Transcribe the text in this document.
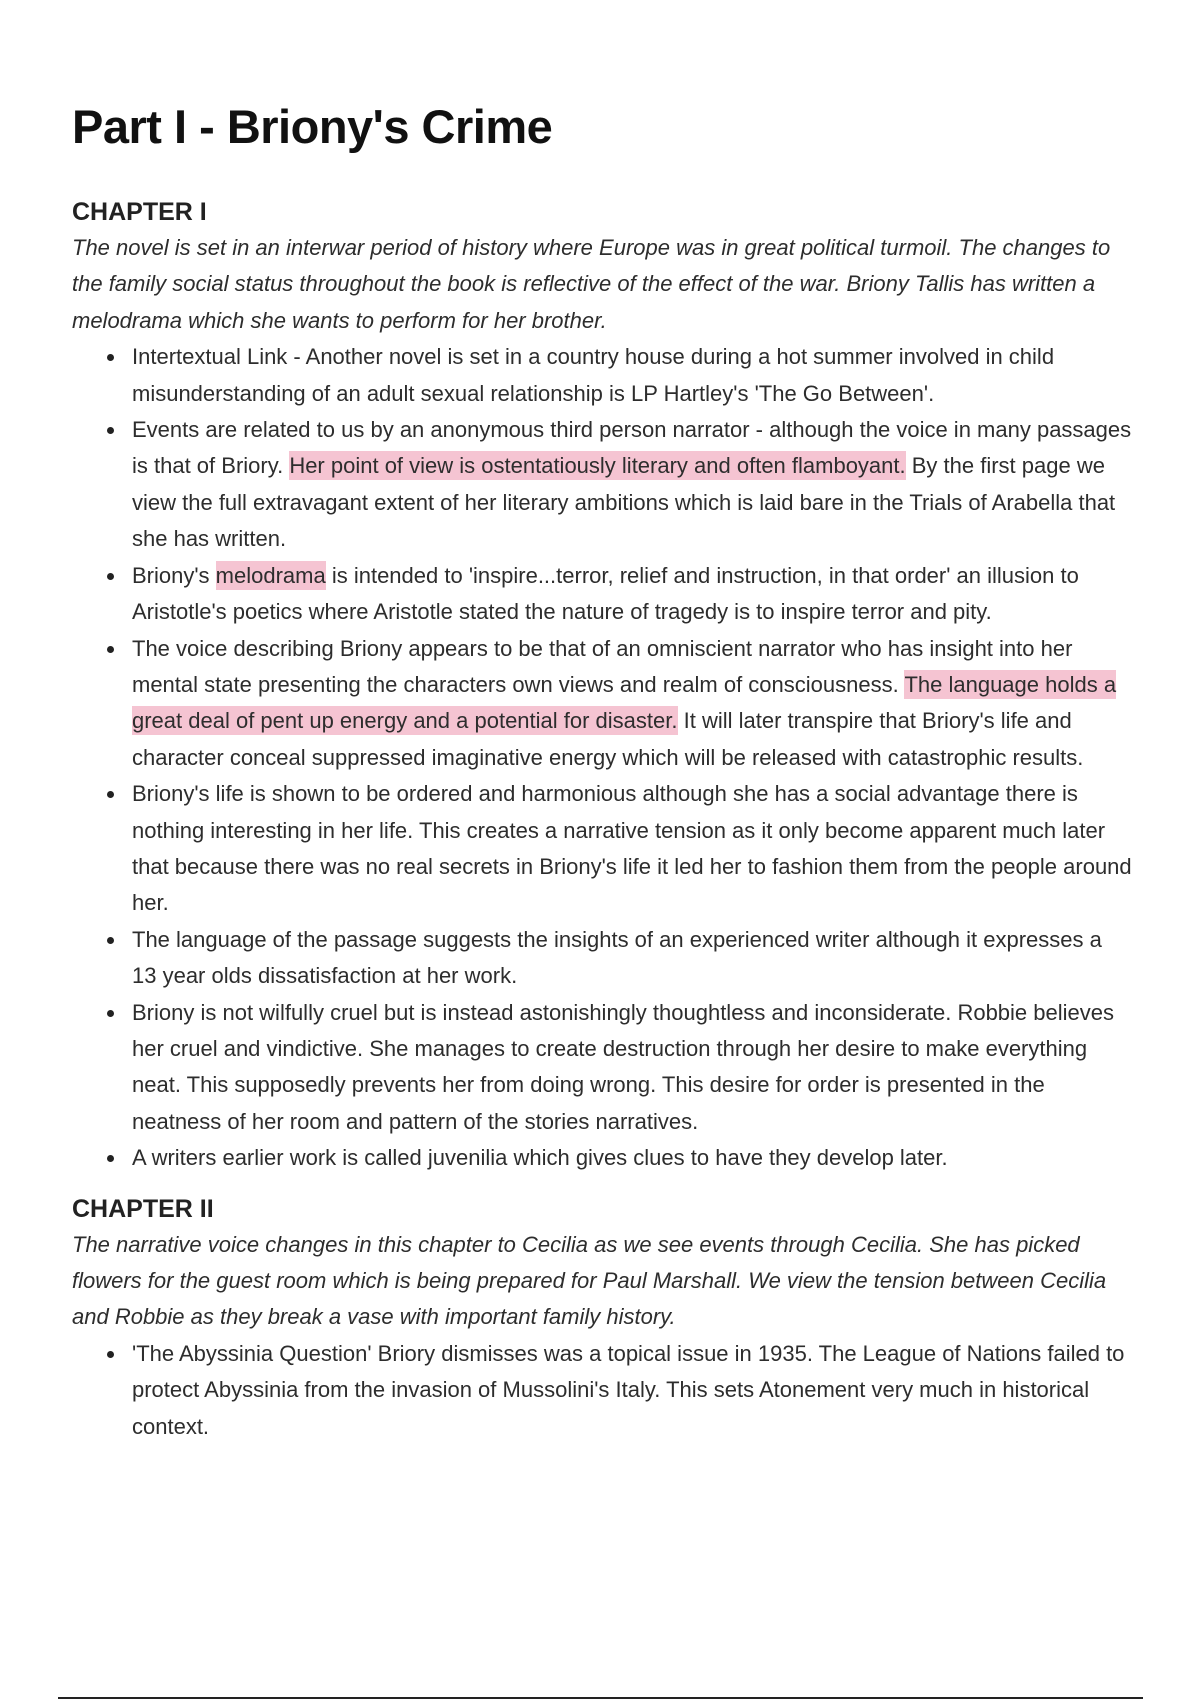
Part I - Briony's Crime
CHAPTER I

The novel is set in an interwar period of history where Europe was in great political turmoil. The changes to the family social status throughout the book is reflective of the effect of the war. Briony Tallis has written a melodrama which she wants to perform for her brother.

Intertextual Link - Another novel is set in a country house during a hot summer involved in child misunderstanding of an adult sexual relationship is LP Hartley's 'The Go Between'.
Events are related to us by an anonymous third person narrator - although the voice in many passages is that of Briory. Her point of view is ostentatiously literary and often flamboyant. By the first page we view the full extravagant extent of her literary ambitions which is laid bare in the Trials of Arabella that she has written.
Briony's melodrama is intended to 'inspire...terror, relief and instruction, in that order' an illusion to Aristotle's poetics where Aristotle stated the nature of tragedy is to inspire terror and pity.
The voice describing Briony appears to be that of an omniscient narrator who has insight into her mental state presenting the characters own views and realm of consciousness. The language holds a great deal of pent up energy and a potential for disaster. It will later transpire that Briory's life and character conceal suppressed imaginative energy which will be released with catastrophic results.
Briony's life is shown to be ordered and harmonious although she has a social advantage there is nothing interesting in her life. This creates a narrative tension as it only become apparent much later that because there was no real secrets in Briony's life it led her to fashion them from the people around her.
The language of the passage suggests the insights of an experienced writer although it expresses a 13 year olds dissatisfaction at her work.
Briony is not wilfully cruel but is instead astonishingly thoughtless and inconsiderate. Robbie believes her cruel and vindictive. She manages to create destruction through her desire to make everything neat. This supposedly prevents her from doing wrong. This desire for order is presented in the neatness of her room and pattern of the stories narratives.
A writers earlier work is called juvenilia which gives clues to have they develop later.
CHAPTER II

The narrative voice changes in this chapter to Cecilia as we see events through Cecilia. She has picked flowers for the guest room which is being prepared for Paul Marshall. We view the tension between Cecilia and Robbie as they break a vase with important family history.

'The Abyssinia Question' Briory dismisses was a topical issue in 1935. The League of Nations failed to protect Abyssinia from the invasion of Mussolini's Italy. This sets Atonement very much in historical context.
